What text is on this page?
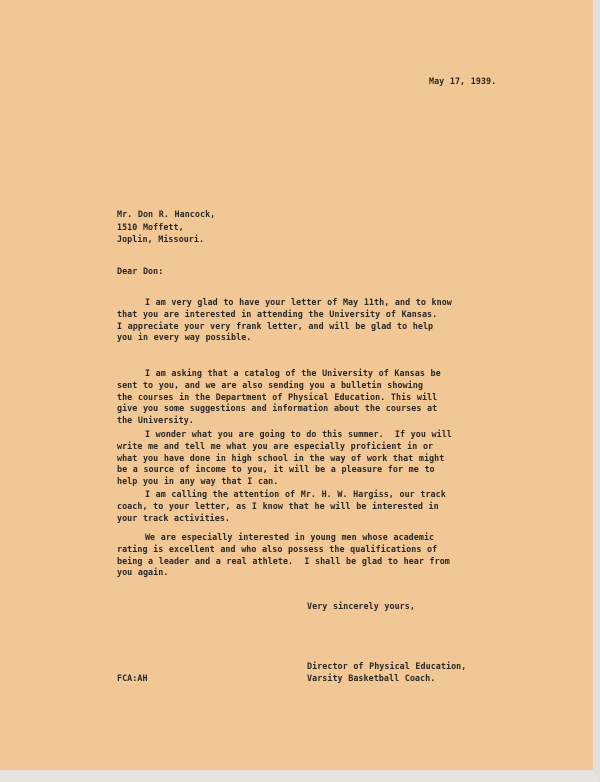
May 17, 1939.
Mr. Don R. Hancock,
1510 Moffett,
Joplin, Missouri.
Dear Don:
I am very glad to have your letter of May 11th, and to know
that you are interested in attending the University of Kansas.
I appreciate your very frank letter, and will be glad to help
you in every way possible.
I am asking that a catalog of the University of Kansas be
sent to you, and we are also sending you a bulletin showing
the courses in the Department of Physical Education. This will
give you some suggestions and information about the courses at
the University.
I wonder what you are going to do this summer.  If you will
write me and tell me what you are especially proficient in or
what you have done in high school in the way of work that might
be a source of income to you, it will be a pleasure for me to
help you in any way that I can.
I am calling the attention of Mr. H. W. Hargiss, our track
coach, to your letter, as I know that he will be interested in
your track activities.
We are especially interested in young men whose academic
rating is excellent and who also possess the qualifications of
being a leader and a real athlete.  I shall be glad to hear from
you again.
Very sincerely yours,
Director of Physical Education,
Varsity Basketball Coach.
FCA:AH
